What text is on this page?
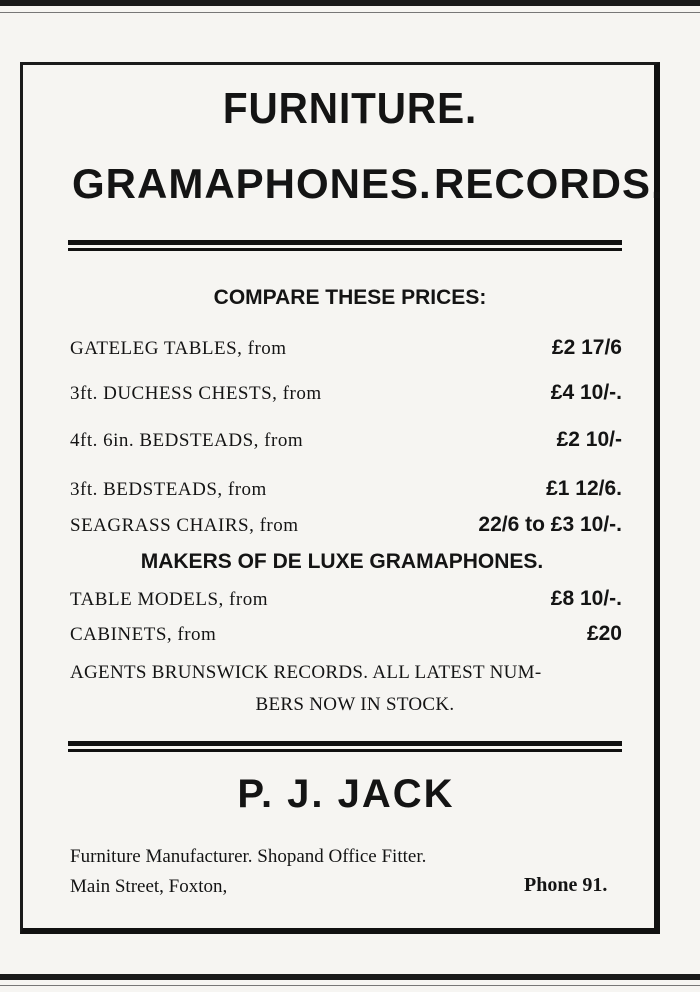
FURNITURE.
GRAMAPHONES. RECORDS.
COMPARE THESE PRICES:
GATELEG TABLES, from	£2 17/6
3ft. DUCHESS CHESTS, from	£4 10/-.
4ft. 6in. BEDSTEADS, from	£2 10/-
3ft. BEDSTEADS, from	£1 12/6.
SEAGRASS CHAIRS, from	22/6 to £3 10/-.
MAKERS OF DE LUXE GRAMAPHONES.
TABLE MODELS, from	£8 10/-.
CABINETS, from	£20
AGENTS BRUNSWICK RECORDS. ALL LATEST NUM-
BERS NOW IN STOCK.
P. J. JACK
Furniture Manufacturer. Shopand Office Fitter.
Main Street, Foxton,	Phone 91.
